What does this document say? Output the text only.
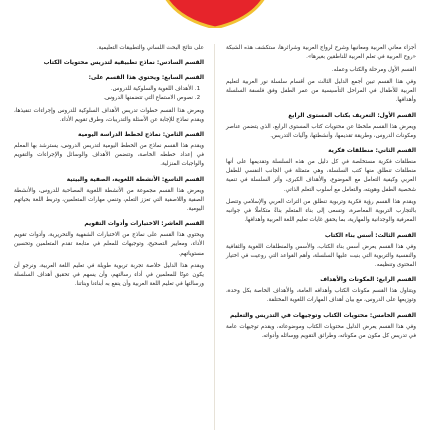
أجزاء معاني العربية ومعانيها وشرح لرواج العربية وشرائرها، ستكشف هذه الشبكة «روح العربية في تعلم العربية للناطقين بغيرها».

القسم الأول ومرحلة والكتاب وعمله.

وفي هذا القسم تبين أجمع الدليل الثالث من أقسام سلسلة نور العربية لتعليم العربية للأطفال في المراحل التأسيسية من عمر الطفل وفق فلسفة السلسلة وأهدافها.

القسم الأول: التعريف بكتاب المستوى الرابع

ويعرض هذا القسم ملخصًا عن محتويات كتاب المستوى الرابع، الذي يتضمن عناصر ومكونات الدروس، وطريقة تقديمها، وأنشطتها، وآليات التدريس.

القسم الثاني: منطلقات فكرية

منطلقات فكرية مستخلصة في كل دليل من هذه السلسلة وتقديمها على أنها منطلقات تنطلق منها كتب السلسلة، وهي متمثلة في الجانب النفسي للطفل العربي وكيفية التعامل مع الموضوع، والأهداف الكبرى، وأثر السلسلة في تنمية شخصية الطفل وهويته، والتعامل مع أسلوب التعلم الذاتي.

ويقدم هذا القسم رؤية فكرية وتربوية تنطلق من التراث العربي والإسلامي وتتصل بالتجارب التربوية المعاصرة، وتسعى إلى بناء المتعلم بناءً متكاملًا في جوانبه المعرفية والوجدانية والمهارية، بما يحقق غايات تعليم اللغة العربية وأهدافها.

القسم الثالث: أسس بناء الكتاب

وفي هذا القسم يعرض أسس بناء الكتاب، والأسس والمنطلقات اللغوية والثقافية والنفسية والتربوية التي بنيت عليها السلسلة، وأهم القواعد التي روعيت في اختيار المحتوى وتنظيمه.

القسم الرابع: المكونات والأهداف

ويتناول هذا القسم مكونات الكتاب وأهدافه العامة، والأهداف الخاصة بكل وحدة، وتوزيعها على الدروس، مع بيان أهداف المهارات اللغوية المختلفة.

القسم الخامس: محتويات الكتاب وتوجيهات في التدريس والتعليم

وفي هذا القسم يعرض الدليل محتويات الكتاب وموضوعاته، ويقدم توجيهات عامة في تدريس كل مكون من مكوناته، وطرائق التقويم ووسائله وأدواته.

على نتائج البحث اللساني والتطبيقات التعليمية.

القسم السادس: نماذج تطبيقية لتدريس محتويات الكتاب
القسم السابع: ويحتوي هذا القسم على:
1. الأهداف اللغوية والسلوكية للدروس.
2. نصوص الاستماع التي تتضمنها الدروس.

ويعرض هذا القسم خطوات تدريس الأهداف السلوكية للدروس وإجراءات تنفيذها، ويقدم نماذج للإجابة عن الأسئلة والتدريبات، وطرق تقويم الأداء.

القسم الثامن: نماذج لخطط الدراسة اليومية

ويقدم هذا القسم نماذج من الخطط اليومية لتدريس الدروس، يسترشد بها المعلم في إعداد خططه الخاصة، وتتضمن الأهداف والوسائل والإجراءات والتقويم والواجبات المنزلية.

القسم التاسع: الأنشطة اللغوية، الصفية والبيتية

ويعرض هذا القسم مجموعة من الأنشطة اللغوية المصاحبة للدروس، والأنشطة الصفية واللاصفية التي تعزز التعلم، وتنمي مهارات المتعلمين، وتربط اللغة بحياتهم اليومية.

القسم العاشر: الاختبارات وأدوات التقويم

ويحتوي هذا القسم على نماذج من الاختبارات الشفهية والتحريرية، وأدوات تقويم الأداء، ومعايير التصحيح، وتوجيهات للمعلم في متابعة تقدم المتعلمين وتحسين مستوياتهم.

ويقدم هذا الدليل خلاصة تجربة تربوية طويلة في تعليم اللغة العربية، ونرجو أن يكون عونًا للمعلمين في أداء رسالتهم، وأن يسهم في تحقيق أهداف السلسلة ورسالتها في تعليم اللغة العربية وأن ينفع به أبناءنا وبناتنا.
